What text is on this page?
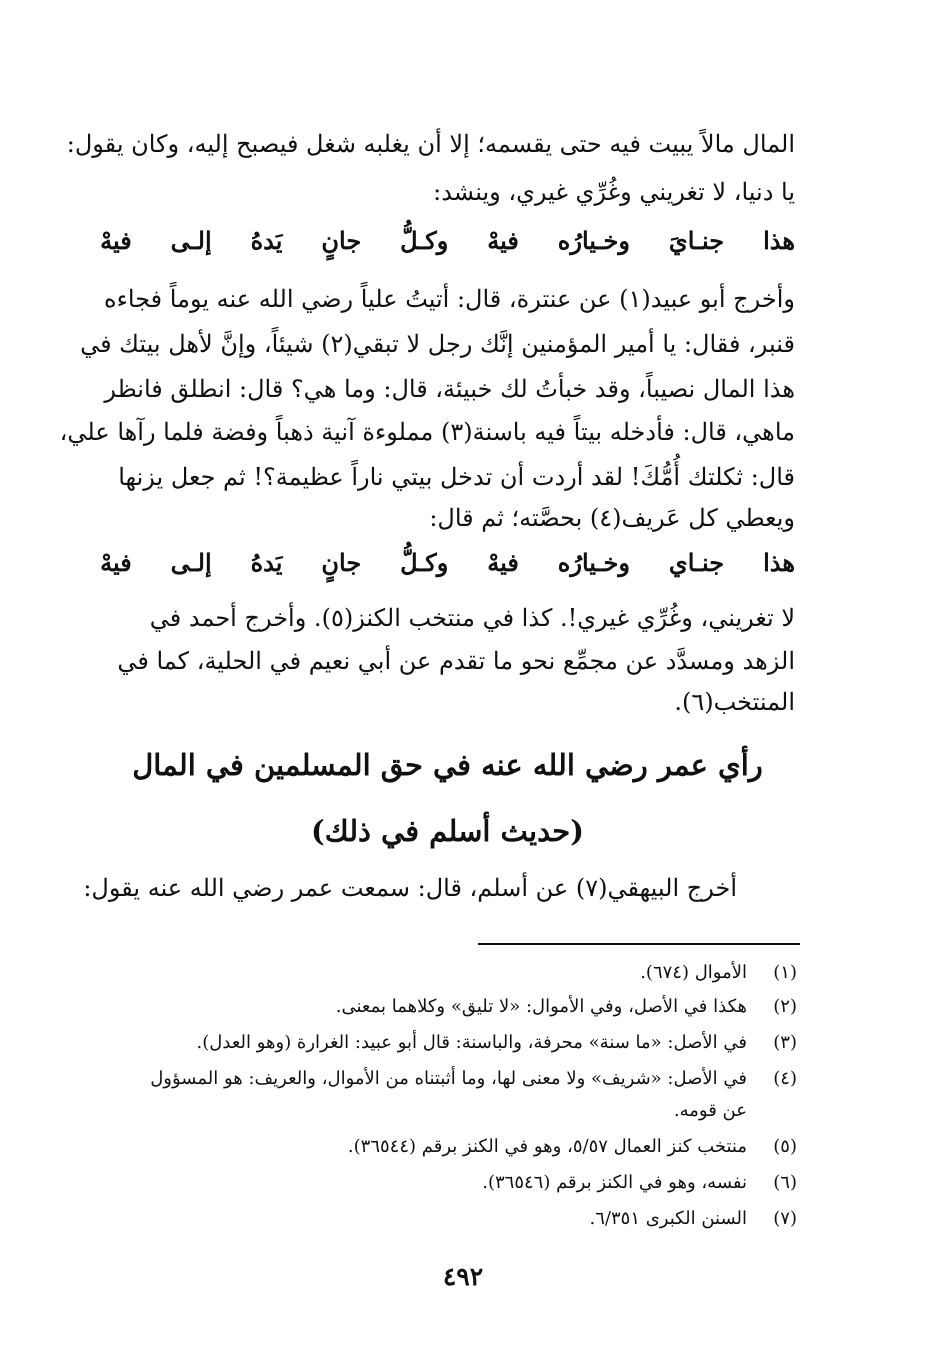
المال مالاً يبيت فيه حتى يقسمه؛ إلا أن يغلبه شغل فيصبح إليه، وكان يقول:
يا دنيا، لا تغريني وغُرِّي غيري، وينشد:
هذا
جنـايَ
وخـيارُه
فيهْ
وكـلُّ
جانٍ
يَدهُ
إلـى
فيهْ
وأخرج أبو عبيد(١) عن عنترة، قال: أتيتُ علياً رضي الله عنه يوماً فجاءه
قنبر، فقال: يا أمير المؤمنين إنَّك رجل لا تبقي(٢) شيئاً، وإنَّ لأهل بيتك في
هذا المال نصيباً، وقد خبأتُ لك خبيئة، قال: وما هي؟ قال: انطلق فانظر
ماهي، قال: فأدخله بيتاً فيه باسنة(٣) مملوءة آنية ذهباً وفضة فلما رآها علي،
قال: ثكلتك أُمُّكَ! لقد أردت أن تدخل بيتي ناراً عظيمة؟! ثم جعل يزنها
ويعطي كل عَريف(٤) بحصَّته؛ ثم قال:
هذا
جنـاي
وخـيارُه
فيهْ
وكـلُّ
جانٍ
يَدهُ
إلـى
فيهْ
لا تغريني، وغُرِّي غيري!. كذا في منتخب الكنز(٥). وأخرج أحمد في
الزهد ومسدَّد عن مجمِّع نحو ما تقدم عن أبي نعيم في الحلية، كما في
المنتخب(٦).
رأي عمر رضي الله عنه في حق المسلمين في المال
(حديث أسلم في ذلك)
أخرج البيهقي(٧) عن أسلم، قال: سمعت عمر رضي الله عنه يقول:
(١)
الأموال (٦٧٤).
(٢)
هكذا في الأصل، وفي الأموال: «لا تليق» وكلاهما بمعنى.
(٣)
في الأصل: «ما سنة» محرفة، والباسنة: قال أبو عبيد: الغرارة (وهو العدل).
(٤)
في الأصل: «شريف» ولا معنى لها، وما أثبتناه من الأموال، والعريف: هو المسؤول
عن قومه.
(٥)
منتخب كنز العمال ٥/٥٧، وهو في الكنز برقم (٣٦٥٤٤).
(٦)
نفسه، وهو في الكنز برقم (٣٦٥٤٦).
(٧)
السنن الكبرى ٦/٣٥١.
٤٩٢
